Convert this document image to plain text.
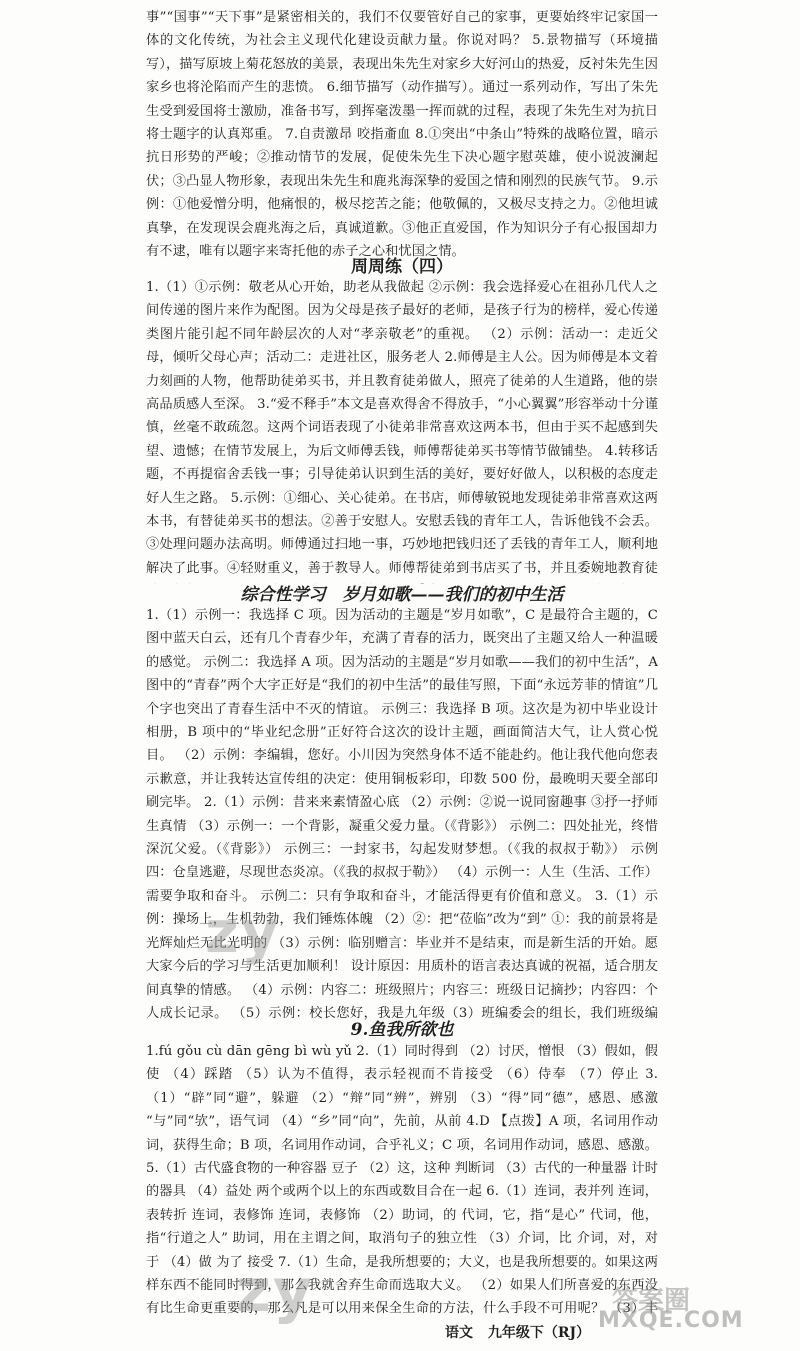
事”“国事”“天下事”是紧密相关的，我们不仅要管好自己的家事，更要始终牢记家国一体的文化传统，为社会主义现代化建设贡献力量。你说对吗？ 5.景物描写（环境描写），描写原坡上菊花怒放的美景，表现出朱先生对家乡大好河山的热爱，反衬朱先生因家乡也将沦陷而产生的悲愤。 6.细节描写（动作描写）。通过一系列动作，写出了朱先生受到爱国将士激励，准备书写，到挥毫泼墨一挥而就的过程，表现了朱先生对为抗日将士题字的认真郑重。 7.自责激昂 咬指齑血 8.①突出“中条山”特殊的战略位置，暗示抗日形势的严峻；②推动情节的发展，促使朱先生下决心题字慰英雄，使小说波澜起伏；③凸显人物形象，表现出朱先生和鹿兆海深挚的爱国之情和刚烈的民族气节。 9.示例：①他爱憎分明，他痛恨的，极尽挖苦之能；他敬佩的，又极尽支持之力。②他坦诚真挚，在发现误会鹿兆海之后，真诚道歉。③他正直爱国，作为知识分子有心报国却力有不逮，唯有以题字来寄托他的赤子之心和忧国之情。
周周练（四）
1.（1）①示例：敬老从心开始，助老从我做起 ②示例：我会选择爱心在祖孙几代人之间传递的图片来作为配图。因为父母是孩子最好的老师，是孩子行为的榜样，爱心传递类图片能引起不同年龄层次的人对“孝亲敬老”的重视。 （2）示例：活动一：走近父母，倾听父母心声；活动二：走进社区，服务老人 2.师傅是主人公。因为师傅是本文着力刻画的人物，他帮助徒弟买书，并且教育徒弟做人，照亮了徒弟的人生道路，他的崇高品质感人至深。 3.“爱不释手”本文是喜欢得舍不得放手，“小心翼翼”形容举动十分谨慎，丝毫不敢疏忽。这两个词语表现了小徒弟非常喜欢这两本书，但由于买不起感到失望、遗憾；在情节发展上，为后文师傅丢钱，师傅帮徒弟买书等情节做铺垫。 4.转移话题，不再提宿舍丢钱一事；引导徒弟认识到生活的美好，要好好做人，以积极的态度走好人生之路。 5.示例：①细心、关心徒弟。在书店，师傅敏锐地发现徒弟非常喜欢这两本书，有替徒弟买书的想法。②善于安慰人。安慰丢钱的青年工人，告诉他钱不会丢。③处理问题办法高明。师傅通过扫地一事，巧妙地把钱归还了丢钱的青年工人，顺利地解决了此事。④轻财重义，善于教导人。师傅帮徒弟到书店买了书，并且委婉地教育徒
综合性学习　岁月如歌——我们的初中生活
1.（1）示例一：我选择 C 项。因为活动的主题是“岁月如歌”，C 是最符合主题的，C 图中蓝天白云，还有几个青春少年，充满了青春的活力，既突出了主题又给人一种温暖的感觉。 示例二：我选择 A 项。因为活动的主题是“岁月如歌——我们的初中生活”，A 图中的“青春”两个大字正好是“我们的初中生活”的最佳写照，下面“永远芳菲的情谊”几个字也突出了青春生活中不灭的情谊。 示例三：我选择 B 项。这次是为初中毕业设计相册，B 项中的“毕业纪念册”正好符合这次的设计主题，画面简洁大气，让人赏心悦目。 （2）示例：李编辑，您好。小川因为突然身体不适不能赴约。他让我代他向您表示歉意，并让我转达宣传组的决定：使用铜板彩印，印数 500 份，最晚明天要全部印刷完毕。 2.（1）示例：昔来来素情盈心底 （2）示例：②说一说同窗趣事 ③抒一抒师生真情 （3）示例一：一个背影，凝重父爱力量。（《背影》） 示例二：四处扯光，终惜深沉父爱。（《背影》） 示例三：一封家书，勾起发财梦想。（《我的叔叔于勒》） 示例四：仓皇逃避，尽现世态炎凉。（《我的叔叔于勒》） （4）示例一：人生（生活、工作）需要争取和奋斗。 示例二：只有争取和奋斗，才能活得更有价值和意义。 3.（1）示例：操场上，生机勃勃，我们锤炼体魄 （2）②：把“莅临”改为“到” ①：我的前景将是光辉灿烂无比光明的 （3）示例：临别赠言：毕业并不是结束，而是新生活的开始。愿大家今后的学习与生活更加顺利！ 设计原因：用质朴的语言表达真诚的祝福，适合朋友间真挚的情感。 （4）示例：内容二：班级照片；内容三：班级日记摘抄；内容四：个人成长记录。 （5）示例：校长您好，我是九年级（3）班编委会的组长，我们班级编
9.鱼我所欲也
1.fú gǒu cù dān gēng bì wù yǔ 2.（1）同时得到 （2）讨厌，憎恨 （3）假如，假使 （4）踩踏 （5）认为不值得，表示轻视而不肯接受 （6）侍奉 （7）停止 3.（1）“辟”同“避”，躲避 （2）“辩”同“辨”，辨别 （3）“得”同“德”，感恩、感激 “与”同“欤”，语气词 （4）“乡”同“向”，先前，从前 4.D 【点拨】A 项，名词用作动词，获得生命；B 项，名词用作动词，合乎礼义；C 项，名词用作动词，感恩、感激。 5.（1）古代盛食物的一种容器 豆子 （2）这，这种 判断词 （3）古代的一种量器 计时的器具 （4）益处 两个或两个以上的东西或数目合在一起 6.（1）连词，表并列 连词，表转折 连词，表修饰 连词，表修饰 （2）助词，的 代词，它，指“是心” 代词，他，指“行道之人” 助词，用在主谓之间，取消句子的独立性 （3）介词，比 介词，对，对于 （4）做 为了 接受 7.（1）生命，是我所想要的；大义，也是我所想要的。如果这两样东西不能同时得到，那么我就舍弃生命而选取大义。 （2）如果人们所喜爱的东西没有比生命更重要的，那么凡是可以用来保全生命的方法，什么手段不可用呢？ （3）丰
zy
zy	答案圈
MXQE.COM
语文 九年级下（RJ）
